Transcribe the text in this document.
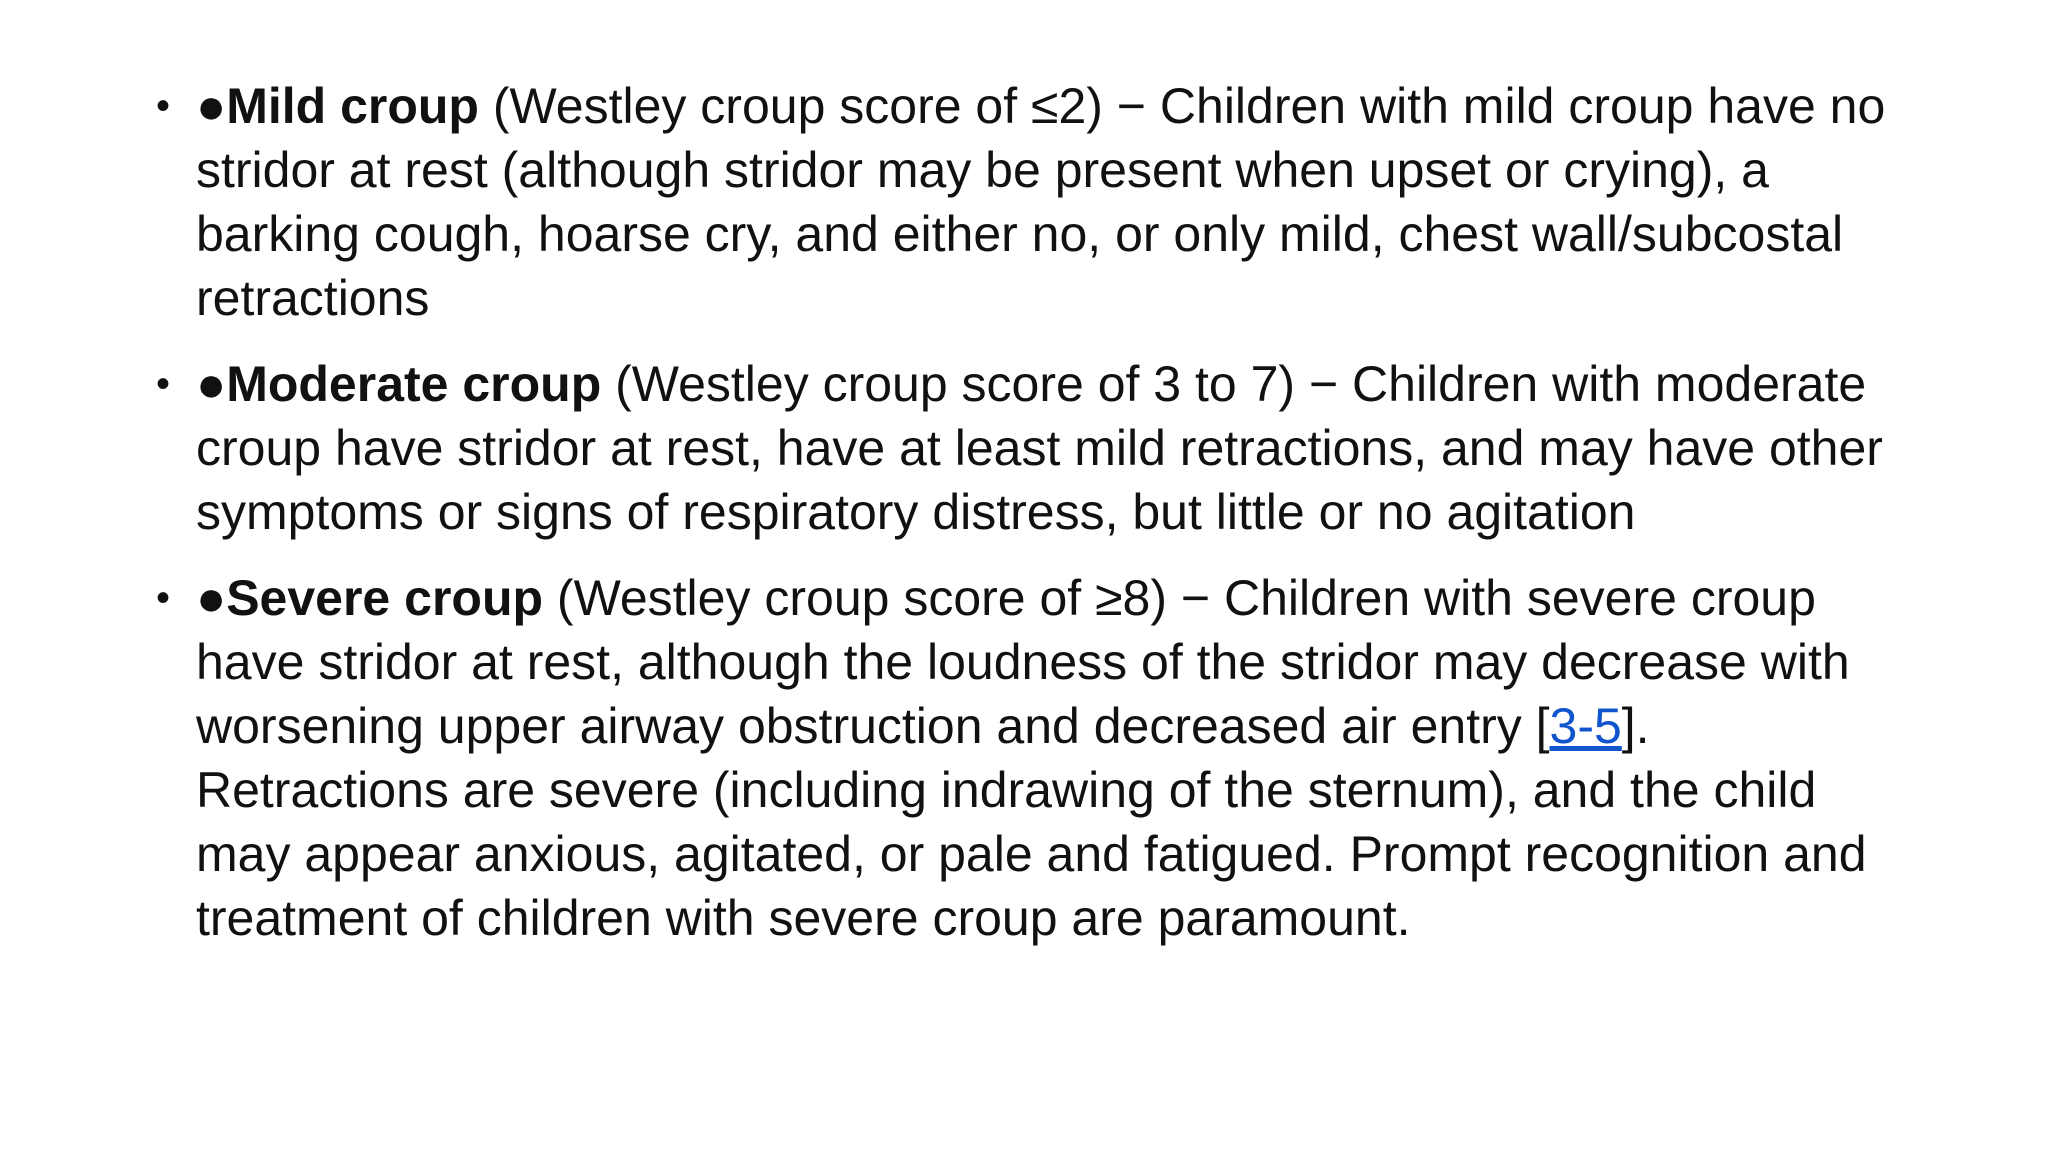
• ●Mild croup (Westley croup score of ≤2) − Children with mild croup have no stridor at rest (although stridor may be present when upset or crying), a barking cough, hoarse cry, and either no, or only mild, chest wall/subcostal retractions
• ●Moderate croup (Westley croup score of 3 to 7) − Children with moderate croup have stridor at rest, have at least mild retractions, and may have other symptoms or signs of respiratory distress, but little or no agitation
• ●Severe croup (Westley croup score of ≥8) − Children with severe croup have stridor at rest, although the loudness of the stridor may decrease with worsening upper airway obstruction and decreased air entry [3-5]. Retractions are severe (including indrawing of the sternum), and the child may appear anxious, agitated, or pale and fatigued. Prompt recognition and treatment of children with severe croup are paramount.
